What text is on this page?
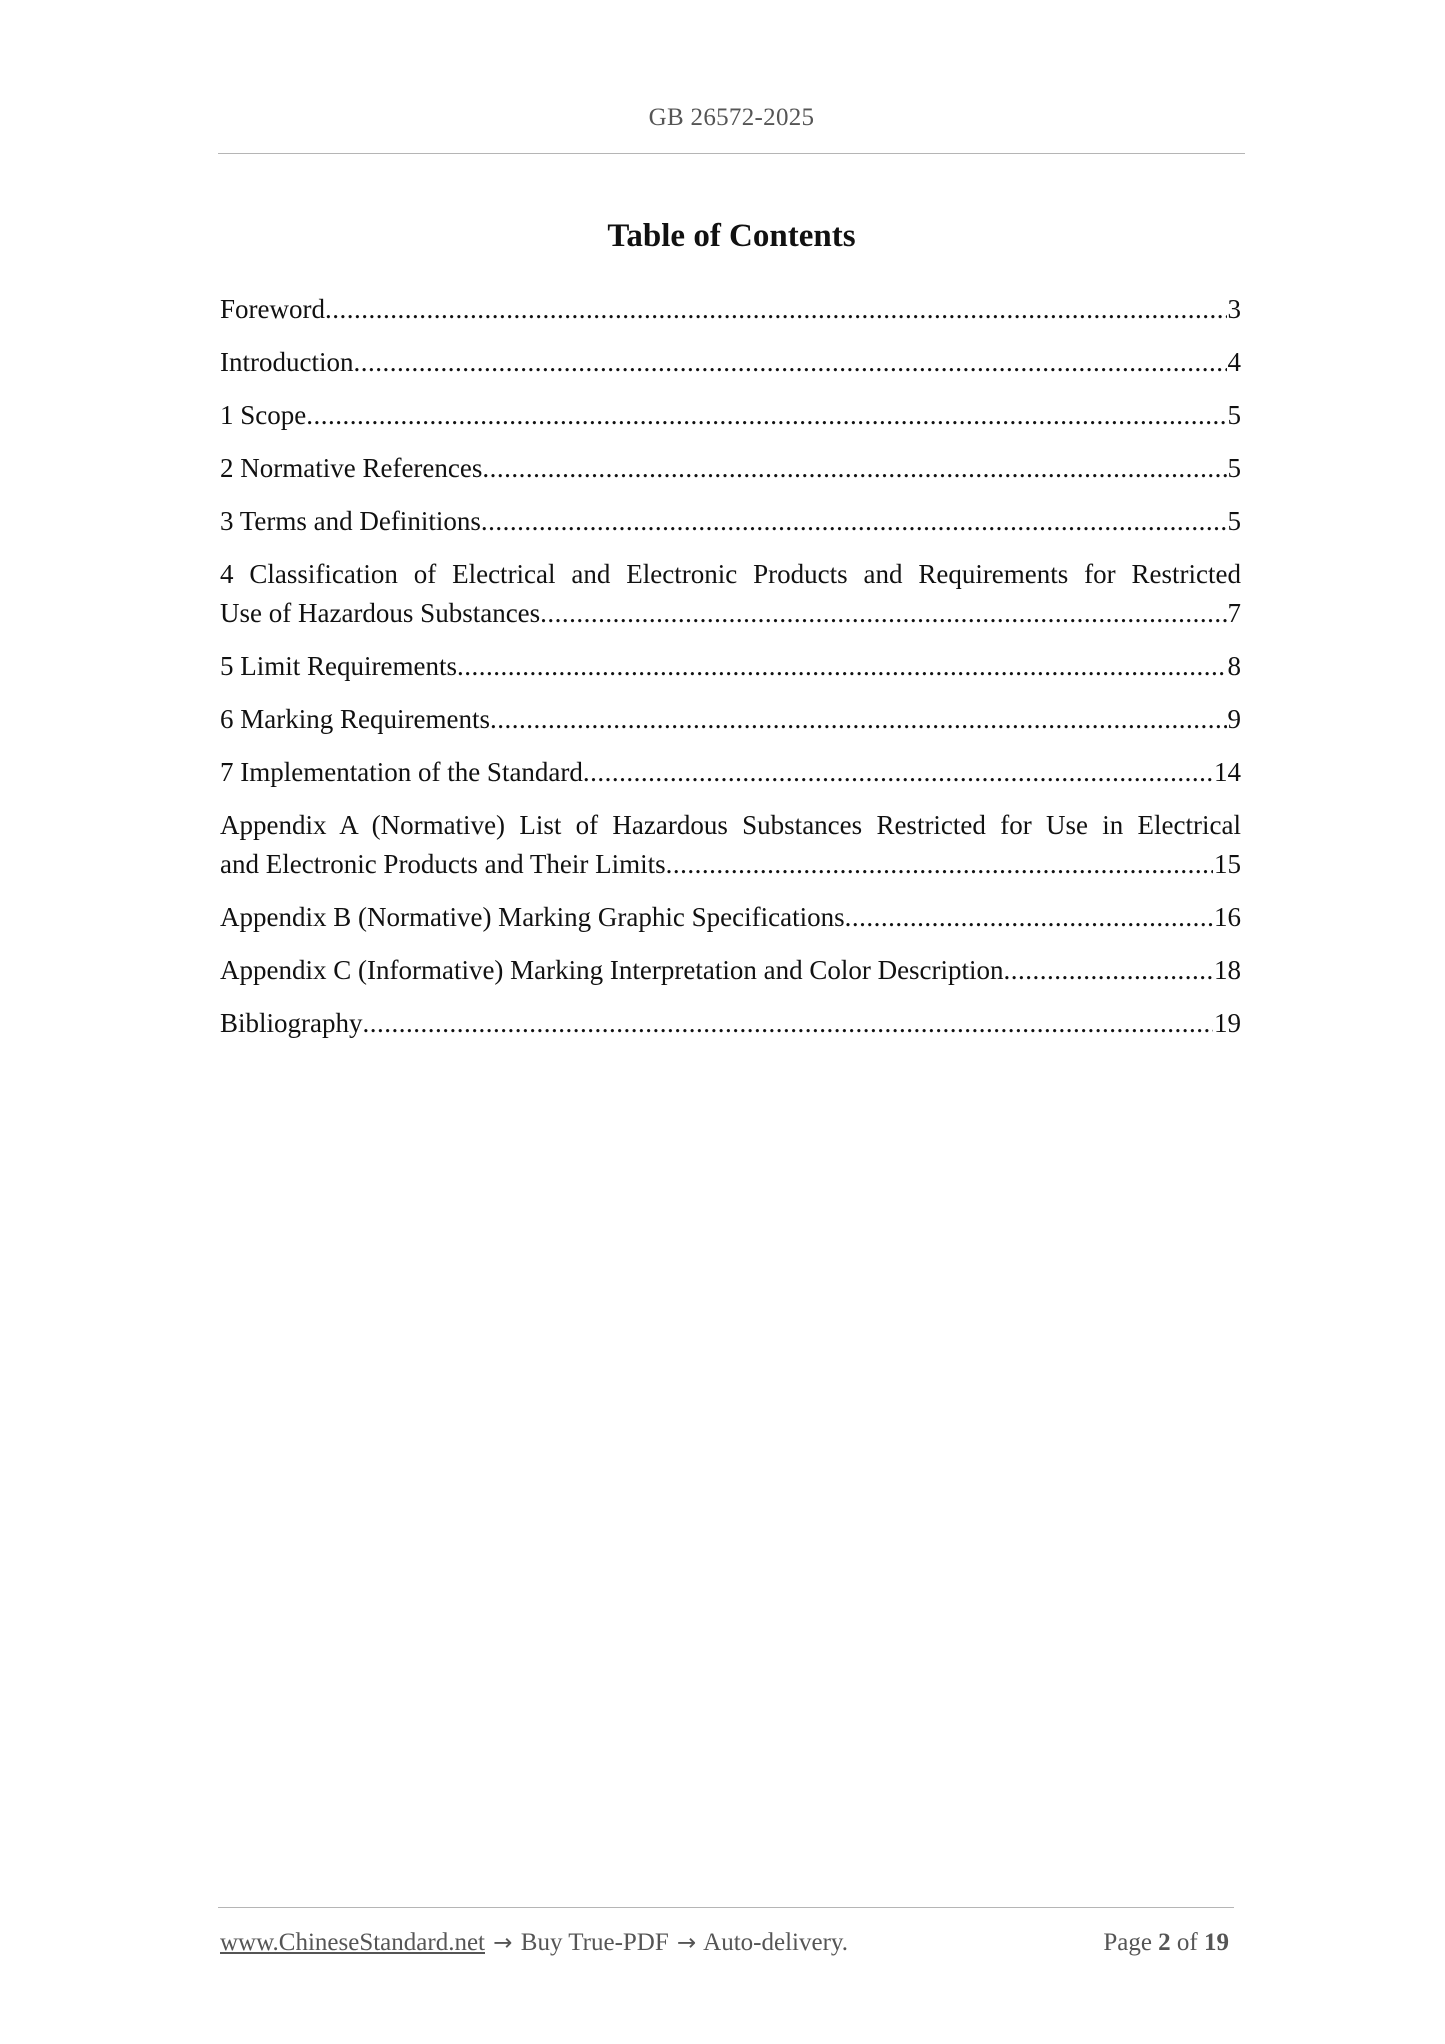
GB 26572-2025
Table of Contents
Foreword .....	3
Introduction .....	4
1 Scope .....	5
2 Normative References .....	5
3 Terms and Definitions .....	5
4 Classification of Electrical and Electronic Products and Requirements for Restricted
Use of Hazardous Substances .....	7
5 Limit Requirements .....	8
6 Marking Requirements .....	9
7 Implementation of the Standard .....	14
Appendix A (Normative) List of Hazardous Substances Restricted for Use in Electrical
and Electronic Products and Their Limits .....	15
Appendix B (Normative) Marking Graphic Specifications .....	16
Appendix C (Informative) Marking Interpretation and Color Description .....	18
Bibliography .....	19
www.ChineseStandard.net → Buy True-PDF → Auto-delivery.	Page 2 of 19
